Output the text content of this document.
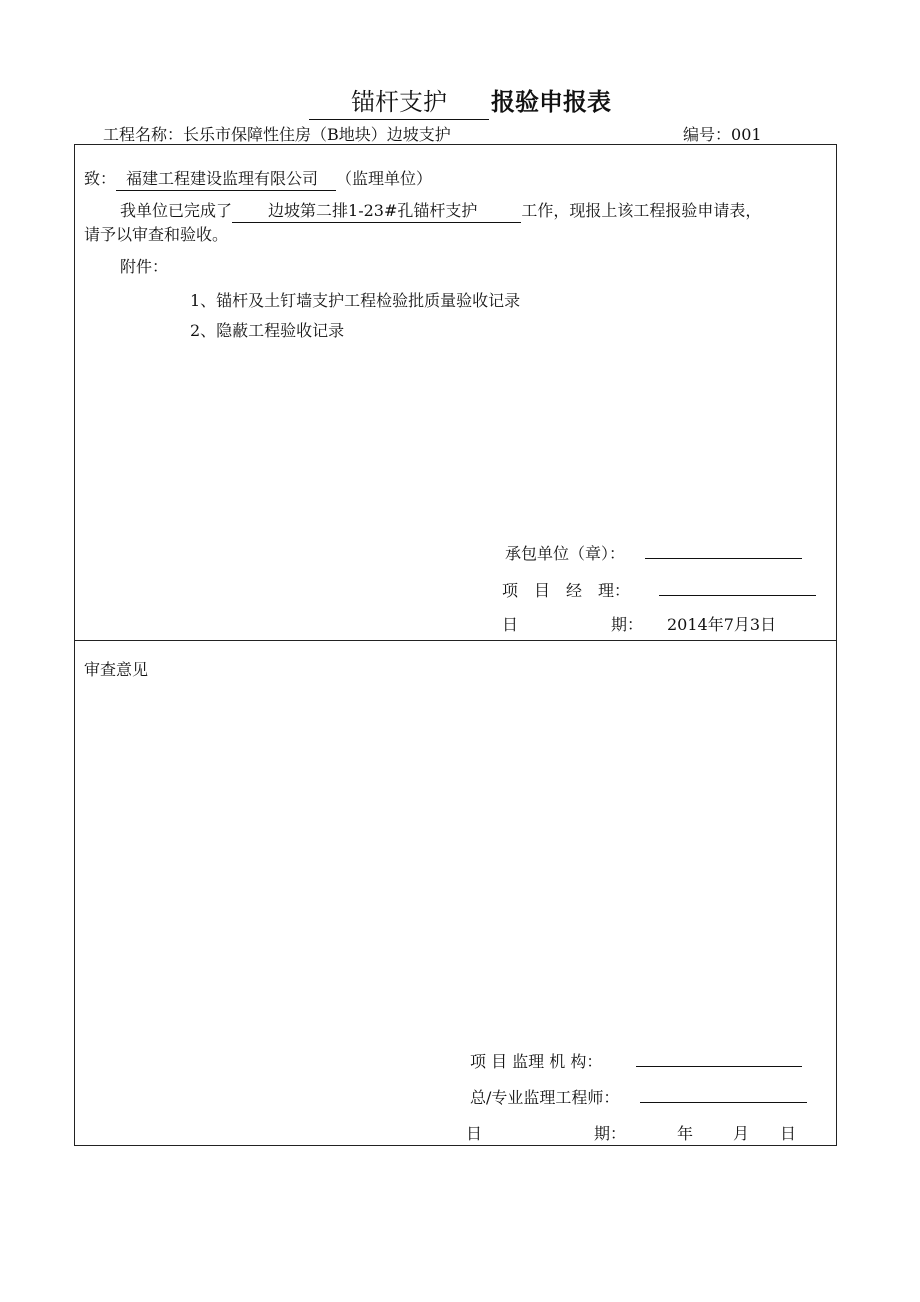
锚杆支护 报验申报表
工程名称：长乐市保障性住房（B地块）边坡支护	编号：001
致： 福建工程建设监理有限公司 （监理单位）
我单位已完成了 边坡第二排1-23#孔锚杆支护	工作，现报上该工程报验申请表，
请予以审查和验收。
附件：
1、锚杆及土钉墙支护工程检验批质量验收记录
2、隐蔽工程验收记录
承包单位（章）：
项　目　经　理：
日	期： 2014年7月3日
审查意见
项 目 监理 机 构：
总/专业监理工程师：
日	期：	年 月 日
